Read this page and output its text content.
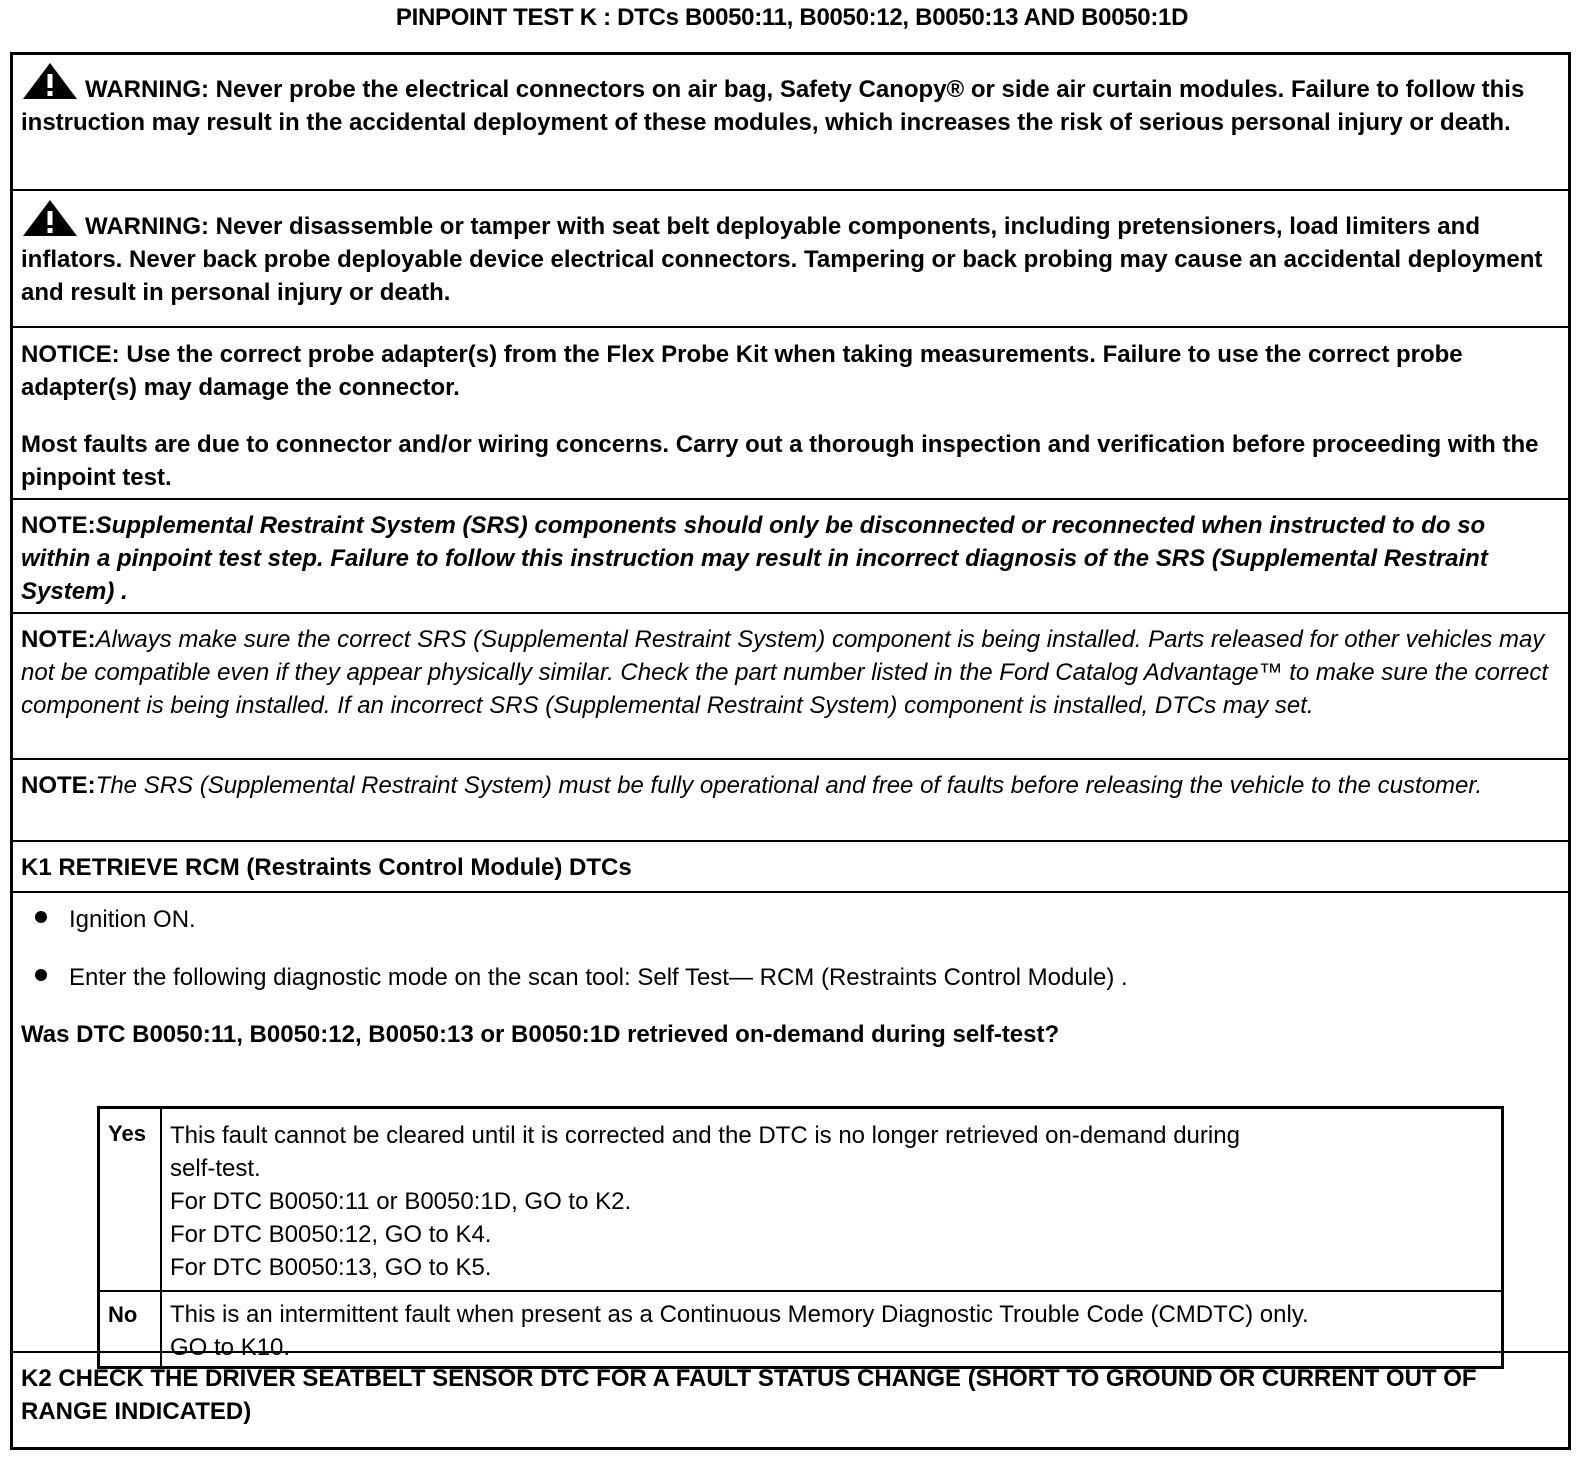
PINPOINT TEST K : DTCs B0050:11, B0050:12, B0050:13 AND B0050:1D
WARNING: Never probe the electrical connectors on air bag, Safety Canopy® or side air curtain modules. Failure to follow this instruction may result in the accidental deployment of these modules, which increases the risk of serious personal injury or death.
WARNING: Never disassemble or tamper with seat belt deployable components, including pretensioners, load limiters and inflators. Never back probe deployable device electrical connectors. Tampering or back probing may cause an accidental deployment and result in personal injury or death.
NOTICE: Use the correct probe adapter(s) from the Flex Probe Kit when taking measurements. Failure to use the correct probe adapter(s) may damage the connector.
Most faults are due to connector and/or wiring concerns. Carry out a thorough inspection and verification before proceeding with the pinpoint test.
NOTE:Supplemental Restraint System (SRS) components should only be disconnected or reconnected when instructed to do so within a pinpoint test step. Failure to follow this instruction may result in incorrect diagnosis of the SRS (Supplemental Restraint System) .
NOTE:Always make sure the correct SRS (Supplemental Restraint System) component is being installed. Parts released for other vehicles may not be compatible even if they appear physically similar. Check the part number listed in the Ford Catalog Advantage™ to make sure the correct component is being installed. If an incorrect SRS (Supplemental Restraint System) component is installed, DTCs may set.
NOTE:The SRS (Supplemental Restraint System) must be fully operational and free of faults before releasing the vehicle to the customer.
K1 RETRIEVE RCM (Restraints Control Module) DTCs
Ignition ON.
Enter the following diagnostic mode on the scan tool: Self Test— RCM (Restraints Control Module) .
Was DTC B0050:11, B0050:12, B0050:13 or B0050:1D retrieved on-demand during self-test?
Yes This fault cannot be cleared until it is corrected and the DTC is no longer retrieved on-demand during
self-test.
For DTC B0050:11 or B0050:1D, GO to K2.
For DTC B0050:12, GO to K4.
For DTC B0050:13, GO to K5.
No This is an intermittent fault when present as a Continuous Memory Diagnostic Trouble Code (CMDTC) only.
GO to K10.
K2 CHECK THE DRIVER SEATBELT SENSOR DTC FOR A FAULT STATUS CHANGE (SHORT TO GROUND OR CURRENT OUT OF RANGE INDICATED)
